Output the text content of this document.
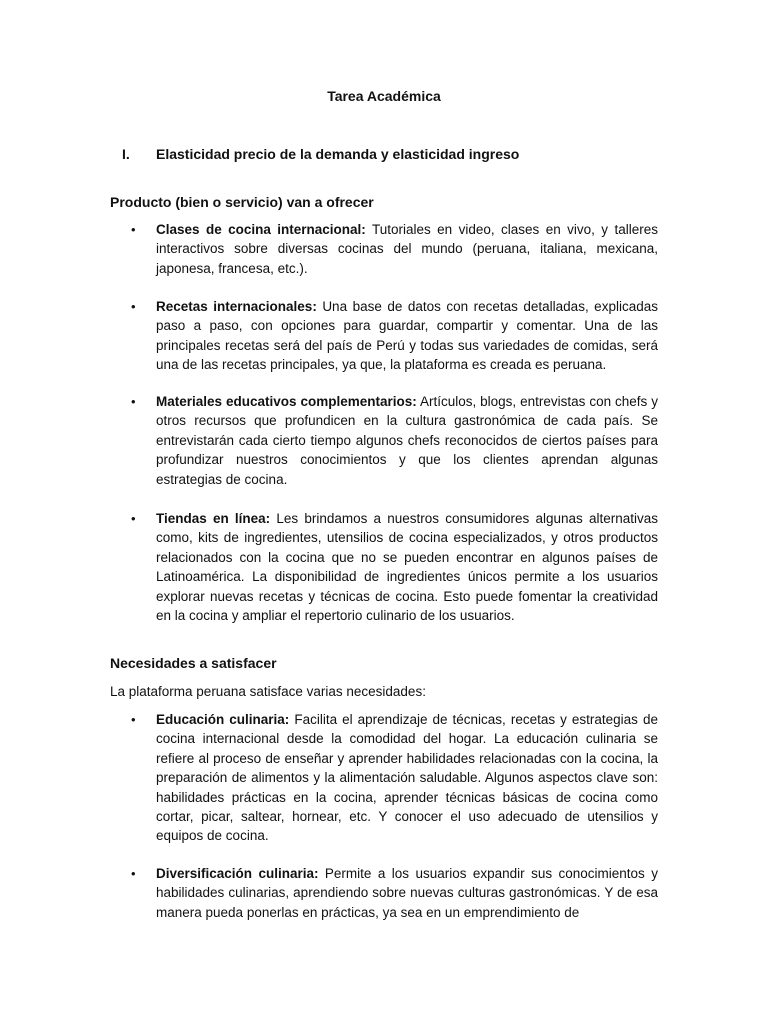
Tarea Académica
I. Elasticidad precio de la demanda y elasticidad ingreso
Producto (bien o servicio) van a ofrecer
• Clases de cocina internacional: Tutoriales en video, clases en vivo, y talleres interactivos sobre diversas cocinas del mundo (peruana, italiana, mexicana, japonesa, francesa, etc.).
• Recetas internacionales: Una base de datos con recetas detalladas, explicadas paso a paso, con opciones para guardar, compartir y comentar. Una de las principales recetas será del país de Perú y todas sus variedades de comidas, será una de las recetas principales, ya que, la plataforma es creada es peruana.
• Materiales educativos complementarios: Artículos, blogs, entrevistas con chefs y otros recursos que profundicen en la cultura gastronómica de cada país. Se entrevistarán cada cierto tiempo algunos chefs reconocidos de ciertos países para profundizar nuestros conocimientos y que los clientes aprendan algunas estrategias de cocina.
• Tiendas en línea: Les brindamos a nuestros consumidores algunas alternativas como, kits de ingredientes, utensilios de cocina especializados, y otros productos relacionados con la cocina que no se pueden encontrar en algunos países de Latinoamérica. La disponibilidad de ingredientes únicos permite a los usuarios explorar nuevas recetas y técnicas de cocina. Esto puede fomentar la creatividad en la cocina y ampliar el repertorio culinario de los usuarios.
Necesidades a satisfacer
La plataforma peruana satisface varias necesidades:
• Educación culinaria: Facilita el aprendizaje de técnicas, recetas y estrategias de cocina internacional desde la comodidad del hogar. La educación culinaria se refiere al proceso de enseñar y aprender habilidades relacionadas con la cocina, la preparación de alimentos y la alimentación saludable. Algunos aspectos clave son: habilidades prácticas en la cocina, aprender técnicas básicas de cocina como cortar, picar, saltear, hornear, etc. Y conocer el uso adecuado de utensilios y equipos de cocina.
• Diversificación culinaria: Permite a los usuarios expandir sus conocimientos y habilidades culinarias, aprendiendo sobre nuevas culturas gastronómicas. Y de esa manera pueda ponerlas en prácticas, ya sea en un emprendimiento de
